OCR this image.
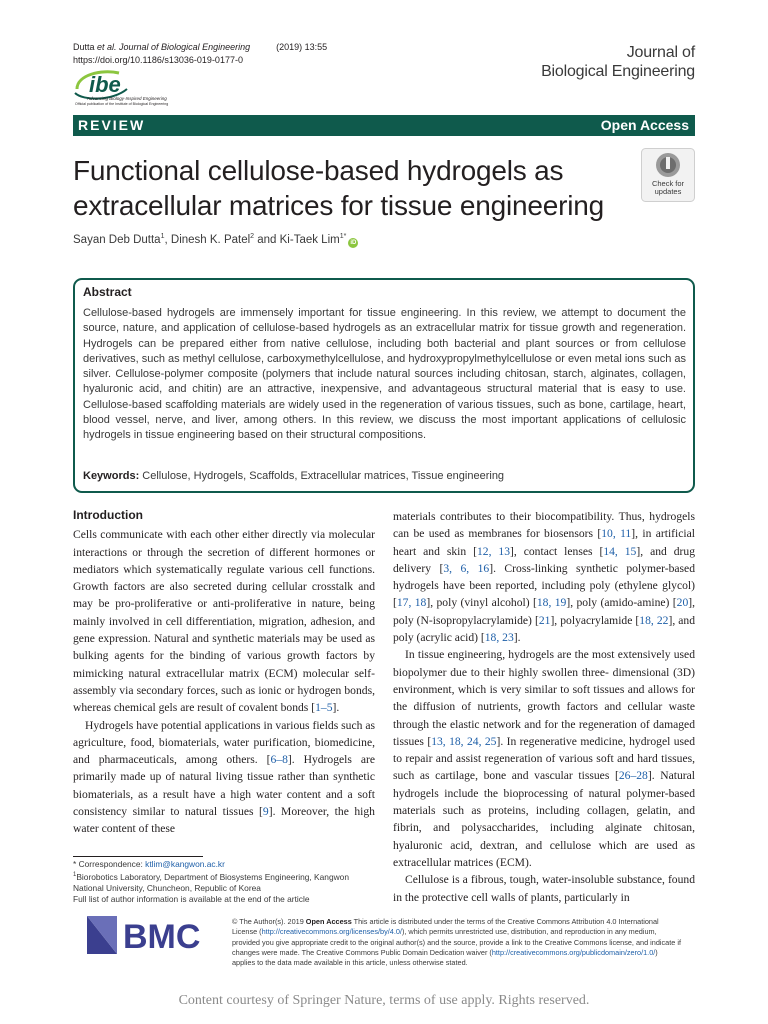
Dutta et al. Journal of Biological Engineering	(2019) 13:55
https://doi.org/10.1186/s13036-019-0177-0	Journal of
Biological Engineering
ibe
Advancing Biology-Inspired Engineering
Official publication of the Institute of Biological Engineering
REVIEW	Open Access
Functional cellulose-based hydrogels as extracellular matrices for tissue engineering
Check for
updates
Sayan Deb Dutta$^1$, Dinesh K. Patel$^2$ and Ki-Taek Lim$^{1*}$iD
Abstract
Cellulose-based hydrogels are immensely important for tissue engineering. In this review, we attempt to document the source, nature, and application of cellulose-based hydrogels as an extracellular matrix for tissue growth and regeneration. Hydrogels can be prepared either from native cellulose, including both bacterial and plant sources or from cellulose derivatives, such as methyl cellulose, carboxymethylcellulose, and hydroxypropylmethylcellulose or even metal ions such as silver. Cellulose-polymer composite (polymers that include natural sources including chitosan, starch, alginates, collagen, hyaluronic acid, and chitin) are an attractive, inexpensive, and advantageous structural material that is easy to use. Cellulose-based scaffolding materials are widely used in the regeneration of various tissues, such as bone, cartilage, heart, blood vessel, nerve, and liver, among others. In this review, we discuss the most important applications of cellulosic hydrogels in tissue engineering based on their structural compositions.
Keywords: Cellulose, Hydrogels, Scaffolds, Extracellular matrices, Tissue engineering
Introduction

Cells communicate with each other either directly via molecular interactions or through the secretion of different hormones or mediators which systematically regulate various cell functions. Growth factors are also secreted during cellular crosstalk and may be pro-proliferative or anti-proliferative in nature, being mainly involved in cell differentiation, migration, adhesion, and gene expression. Natural and synthetic materials may be used as bulking agents for the binding of various growth factors by mimicking natural extracellular matrix (ECM) molecular self-assembly via secondary forces, such as ionic or hydrogen bonds, whereas chemical gels are result of covalent bonds [1–5].

Hydrogels have potential applications in various fields such as agriculture, food, biomaterials, water purification, biomedicine, and pharmaceuticals, among others. [6–8]. Hydrogels are primarily made up of natural living tissue rather than synthetic biomaterials, as a result have a high water content and a soft consistency similar to natural tissues [9]. Moreover, the high water content of these

materials contributes to their biocompatibility. Thus, hydrogels can be used as membranes for biosensors [10, 11], in artificial heart and skin [12, 13], contact lenses [14, 15], and drug delivery [3, 6, 16]. Cross-linking synthetic polymer-based hydrogels have been reported, including poly (ethylene glycol) [17, 18], poly (vinyl alcohol) [18, 19], poly (amido-amine) [20], poly (N-isopropylacrylamide) [21], polyacrylamide [18, 22], and poly (acrylic acid) [18, 23].

In tissue engineering, hydrogels are the most extensively used biopolymer due to their highly swollen three- dimensional (3D) environment, which is very similar to soft tissues and allows for the diffusion of nutrients, growth factors and cellular waste through the elastic network and for the regeneration of damaged tissues [13, 18, 24, 25]. In regenerative medicine, hydrogel used to repair and assist regeneration of various soft and hard tissues, such as cartilage, bone and vascular tissues [26–28]. Natural hydrogels include the bioprocessing of natural polymer-based materials such as proteins, including collagen, gelatin, and fibrin, and polysaccharides, including alginate chitosan, hyaluronic acid, dextran, and cellulose which are used as extracellular matrices (ECM).

Cellulose is a fibrous, tough, water-insoluble substance, found in the protective cell walls of plants, particularly in

* Correspondence: ktlim@kangwon.ac.kr
$^1$Biorobotics Laboratory, Department of Biosystems Engineering, Kangwon National University, Chuncheon, Republic of Korea
Full list of author information is available at the end of the article
BMC	© The Author(s). 2019 Open Access This article is distributed under the terms of the Creative Commons Attribution 4.0 International License (http://creativecommons.org/licenses/by/4.0/), which permits unrestricted use, distribution, and reproduction in any medium, provided you give appropriate credit to the original author(s) and the source, provide a link to the Creative Commons license, and indicate if changes were made. The Creative Commons Public Domain Dedication waiver (http://creativecommons.org/publicdomain/zero/1.0/) applies to the data made available in this article, unless otherwise stated.
Content courtesy of Springer Nature, terms of use apply. Rights reserved.
